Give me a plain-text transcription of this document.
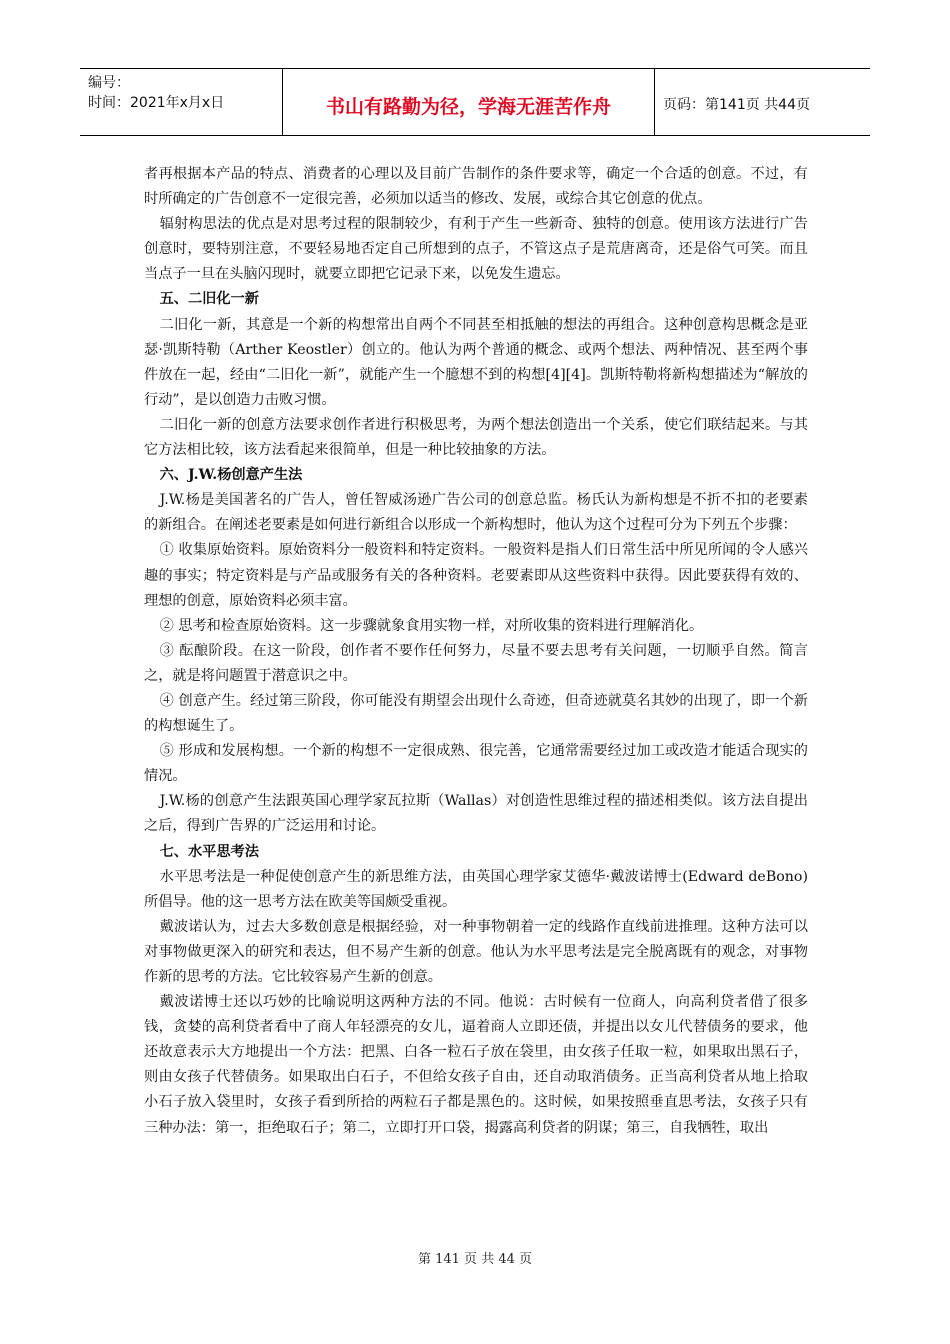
编号：
时间：2021年x月x日	书山有路勤为径，学海无涯苦作舟	页码：第141页 共44页

者再根据本产品的特点、消费者的心理以及目前广告制作的条件要求等，确定一个合适的创意。不过，有时所确定的广告创意不一定很完善，必须加以适当的修改、发展，或综合其它创意的优点。

辐射构思法的优点是对思考过程的限制较少，有利于产生一些新奇、独特的创意。使用该方法进行广告创意时，要特别注意，不要轻易地否定自己所想到的点子，不管这点子是荒唐离奇，还是俗气可笑。而且当点子一旦在头脑闪现时，就要立即把它记录下来，以免发生遗忘。

五、二旧化一新

二旧化一新，其意是一个新的构想常出自两个不同甚至相抵触的想法的再组合。这种创意构思概念是亚瑟·凯斯特勒（Arther Keostler）创立的。他认为两个普通的概念、或两个想法、两种情况、甚至两个事件放在一起，经由“二旧化一新”，就能产生一个臆想不到的构想[4][4]。凯斯特勒将新构想描述为“解放的行动”，是以创造力击败习惯。

二旧化一新的创意方法要求创作者进行积极思考，为两个想法创造出一个关系，使它们联结起来。与其它方法相比较，该方法看起来很简单，但是一种比较抽象的方法。

六、J.W.杨创意产生法

J.W.杨是美国著名的广告人，曾任智威汤逊广告公司的创意总监。杨氏认为新构想是不折不扣的老要素的新组合。在阐述老要素是如何进行新组合以形成一个新构想时，他认为这个过程可分为下列五个步骤：

① 收集原始资料。原始资料分一般资料和特定资料。一般资料是指人们日常生活中所见所闻的令人感兴趣的事实；特定资料是与产品或服务有关的各种资料。老要素即从这些资料中获得。因此要获得有效的、理想的创意，原始资料必须丰富。

② 思考和检查原始资料。这一步骤就象食用实物一样，对所收集的资料进行理解消化。

③ 酝酿阶段。在这一阶段，创作者不要作任何努力，尽量不要去思考有关问题，一切顺乎自然。简言之，就是将问题置于潜意识之中。

④ 创意产生。经过第三阶段，你可能没有期望会出现什么奇迹，但奇迹就莫名其妙的出现了，即一个新的构想诞生了。

⑤ 形成和发展构想。一个新的构想不一定很成熟、很完善，它通常需要经过加工或改造才能适合现实的情况。

J.W.杨的创意产生法跟英国心理学家瓦拉斯（Wallas）对创造性思维过程的描述相类似。该方法自提出之后，得到广告界的广泛运用和讨论。

七、水平思考法

水平思考法是一种促使创意产生的新思维方法，由英国心理学家艾德华·戴波诺博士(Edward deBono)所倡导。他的这一思考方法在欧美等国颇受重视。

戴波诺认为，过去大多数创意是根据经验，对一种事物朝着一定的线路作直线前进推理。这种方法可以对事物做更深入的研究和表达，但不易产生新的创意。他认为水平思考法是完全脱离既有的观念，对事物作新的思考的方法。它比较容易产生新的创意。

戴波诺博士还以巧妙的比喻说明这两种方法的不同。他说：古时候有一位商人，向高利贷者借了很多钱，贪婪的高利贷者看中了商人年轻漂亮的女儿，逼着商人立即还债，并提出以女儿代替债务的要求，他还故意表示大方地提出一个方法：把黑、白各一粒石子放在袋里，由女孩子任取一粒，如果取出黑石子，则由女孩子代替债务。如果取出白石子，不但给女孩子自由，还自动取消债务。正当高利贷者从地上拾取小石子放入袋里时，女孩子看到所拾的两粒石子都是黑色的。这时候，如果按照垂直思考法，女孩子只有三种办法：第一，拒绝取石子；第二，立即打开口袋，揭露高利贷者的阴谋；第三，自我牺牲，取出

第 141 页 共 44 页
